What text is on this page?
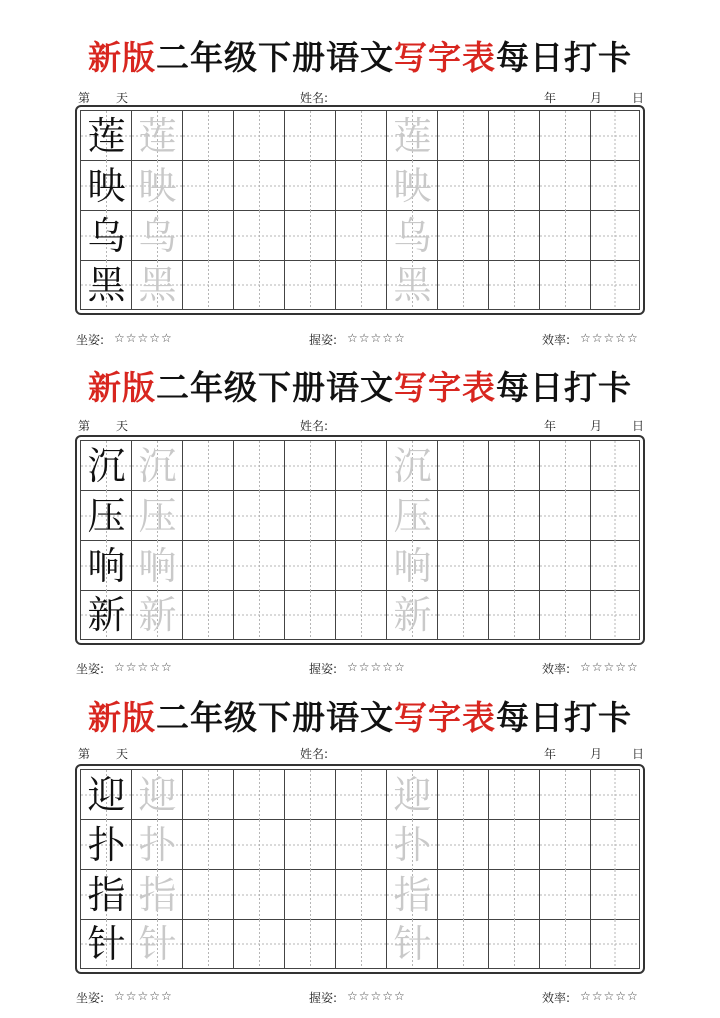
新版二年级下册语文写字表每日打卡
第 天	姓名:	年	月 日
莲 莲	莲
映 映	映
乌 乌	乌
黑 黑	黑
坐姿: ☆☆☆☆☆	握姿: ☆☆☆☆☆	效率: ☆☆☆☆☆
新版二年级下册语文写字表每日打卡
第 天	姓名:	年	月 日
沉 沉	沉
压 压	压
响 响	响
新 新	新
坐姿: ☆☆☆☆☆	握姿: ☆☆☆☆☆	效率: ☆☆☆☆☆
新版二年级下册语文写字表每日打卡
第 天	姓名:	年	月 日
迎 迎	迎
扑 扑	扑
指 指	指
针 针	针
坐姿: ☆☆☆☆☆	握姿: ☆☆☆☆☆	效率: ☆☆☆☆☆
